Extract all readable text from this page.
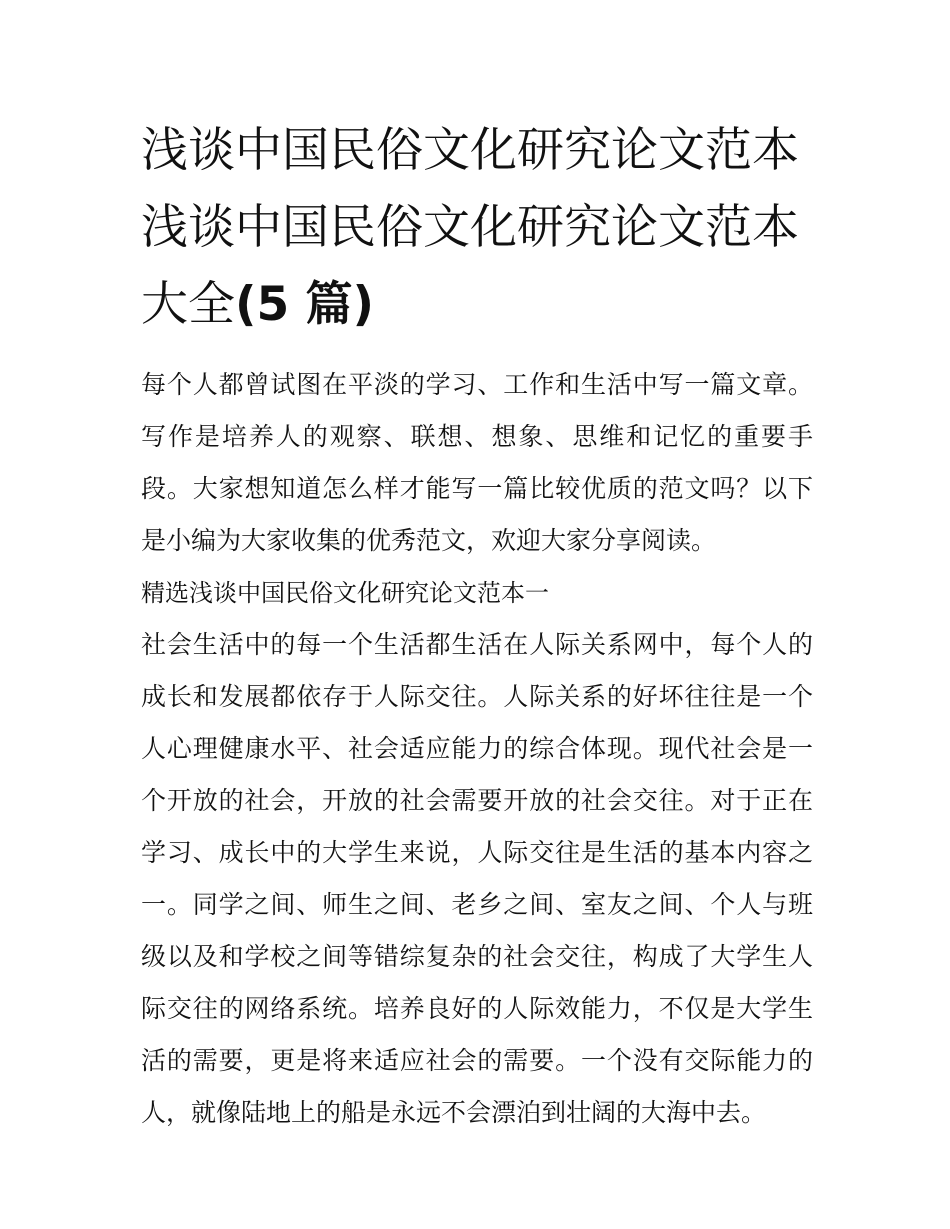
浅谈中国民俗文化研究论文范本 浅谈中国民俗文化研究论文范本大全(5 篇)

每个人都曾试图在平淡的学习、工作和生活中写一篇文章。写作是培养人的观察、联想、想象、思维和记忆的重要手段。大家想知道怎么样才能写一篇比较优质的范文吗？以下是小编为大家收集的优秀范文，欢迎大家分享阅读。

精选浅谈中国民俗文化研究论文范本一

社会生活中的每一个生活都生活在人际关系网中，每个人的成长和发展都依存于人际交往。人际关系的好坏往往是一个人心理健康水平、社会适应能力的综合体现。现代社会是一个开放的社会，开放的社会需要开放的社会交往。对于正在学习、成长中的大学生来说，人际交往是生活的基本内容之一。同学之间、师生之间、老乡之间、室友之间、个人与班级以及和学校之间等错综复杂的社会交往，构成了大学生人际交往的网络系统。培养良好的人际效能力，不仅是大学生活的需要，更是将来适应社会的需要。一个没有交际能力的人，就像陆地上的船是永远不会漂泊到壮阔的大海中去。
